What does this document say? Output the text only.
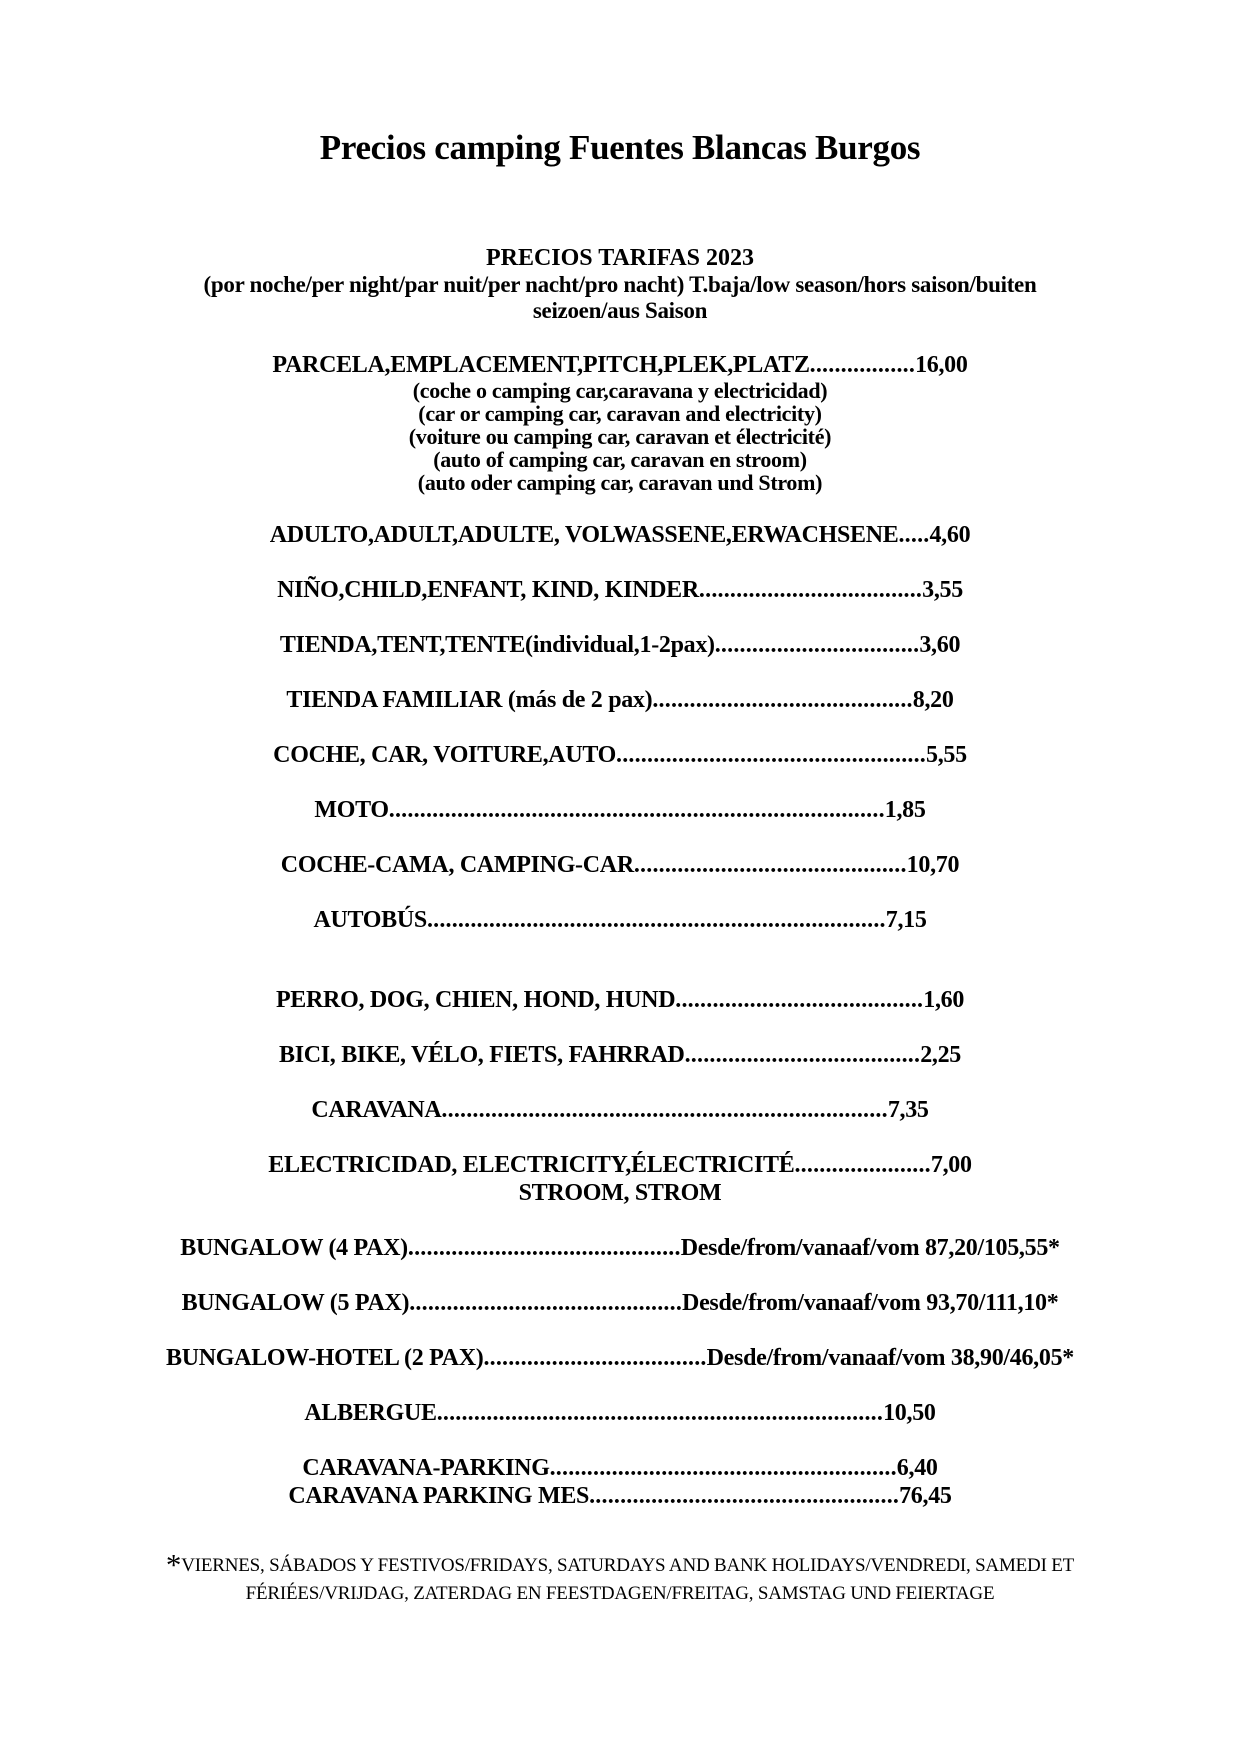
Precios camping Fuentes Blancas Burgos
PRECIOS TARIFAS 2023
(por noche/per night/par nuit/per nacht/pro nacht) T.baja/low season/hors saison/buiten
seizoen/aus Saison
PARCELA,EMPLACEMENT,PITCH,PLEK,PLATZ.................16,00
(coche o camping car,caravana y electricidad)
(car or camping car, caravan and electricity)
(voiture ou camping car, caravan et électricité)
(auto of camping car, caravan en stroom)
(auto oder camping car, caravan und Strom)
ADULTO,ADULT,ADULTE, VOLWASSENE,ERWACHSENE.....4,60
NIÑO,CHILD,ENFANT, KIND, KINDER....................................3,55
TIENDA,TENT,TENTE(individual,1-2pax).................................3,60
TIENDA FAMILIAR (más de 2 pax)..........................................8,20
COCHE, CAR, VOITURE,AUTO..................................................5,55
MOTO................................................................................1,85
COCHE-CAMA, CAMPING-CAR............................................10,70
AUTOBÚS..........................................................................7,15
PERRO, DOG, CHIEN, HOND, HUND........................................1,60
BICI, BIKE, VÉLO, FIETS, FAHRRAD......................................2,25
CARAVANA........................................................................7,35
ELECTRICIDAD, ELECTRICITY,ÉLECTRICITÉ......................7,00
STROOM, STROM
BUNGALOW (4 PAX)............................................Desde/from/vanaaf/vom 87,20/105,55*
BUNGALOW (5 PAX)............................................Desde/from/vanaaf/vom 93,70/111,10*
BUNGALOW-HOTEL (2 PAX)....................................Desde/from/vanaaf/vom 38,90/46,05*
ALBERGUE........................................................................10,50
CARAVANA-PARKING........................................................6,40
CARAVANA PARKING MES..................................................76,45
*VIERNES, SÁBADOS Y FESTIVOS/FRIDAYS, SATURDAYS AND BANK HOLIDAYS/VENDREDI, SAMEDI ET
FÉRIÉES/VRIJDAG, ZATERDAG EN FEESTDAGEN/FREITAG, SAMSTAG UND FEIERTAGE
